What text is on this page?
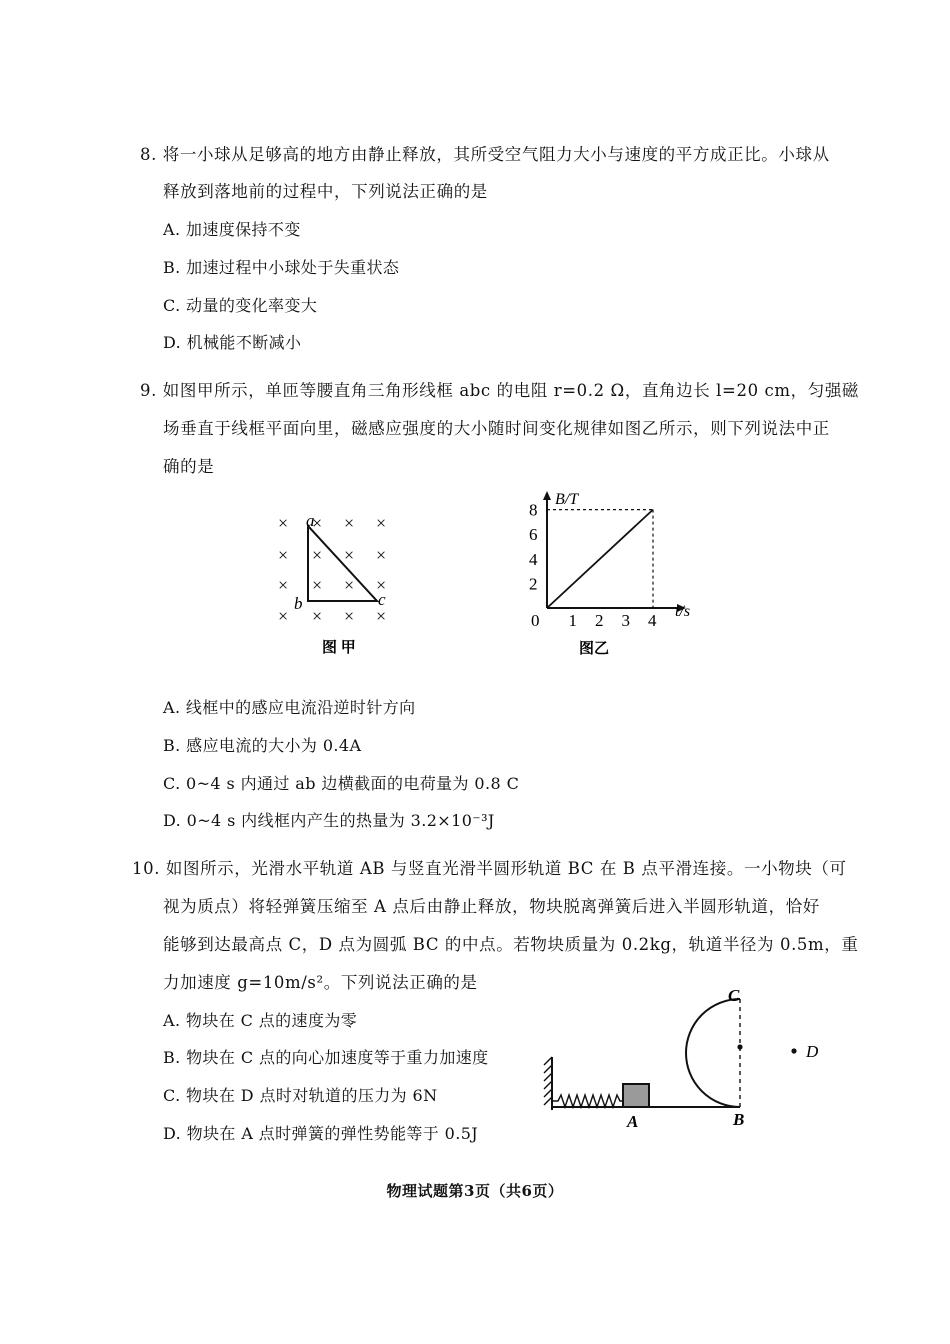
8. 将一小球从足够高的地方由静止释放，其所受空气阻力大小与速度的平方成正比。小球从
释放到落地前的过程中，下列说法正确的是
A. 加速度保持不变
B. 加速过程中小球处于失重状态
C. 动量的变化率变大
D. 机械能不断减小
9. 如图甲所示，单匝等腰直角三角形线框 abc 的电阻 r=0.2 Ω，直角边长 l=20 cm，匀强磁
场垂直于线框平面向里，磁感应强度的大小随时间变化规律如图乙所示，则下列说法中正
确的是
× × × ×
× × × ×
× × × ×
× × × ×
a
b	c
图 甲
2
4
6
8
1 2 3 4
B/T
t/s
0
图乙
A. 线框中的感应电流沿逆时针方向
B. 感应电流的大小为 0.4A
C. 0~4 s 内通过 ab 边横截面的电荷量为 0.8 C
D. 0~4 s 内线框内产生的热量为 3.2×10⁻³J
10. 如图所示，光滑水平轨道 AB 与竖直光滑半圆形轨道 BC 在 B 点平滑连接。一小物块（可
视为质点）将轻弹簧压缩至 A 点后由静止释放，物块脱离弹簧后进入半圆形轨道，恰好
能够到达最高点 C，D 点为圆弧 BC 的中点。若物块质量为 0.2kg，轨道半径为 0.5m，重
力加速度 g=10m/s²。下列说法正确的是
A. 物块在 C 点的速度为零
B. 物块在 C 点的向心加速度等于重力加速度
C. 物块在 D 点时对轨道的压力为 6N
D. 物块在 A 点时弹簧的弹性势能等于 0.5J
C
D
A	B
物理试题第3页（共6页）
